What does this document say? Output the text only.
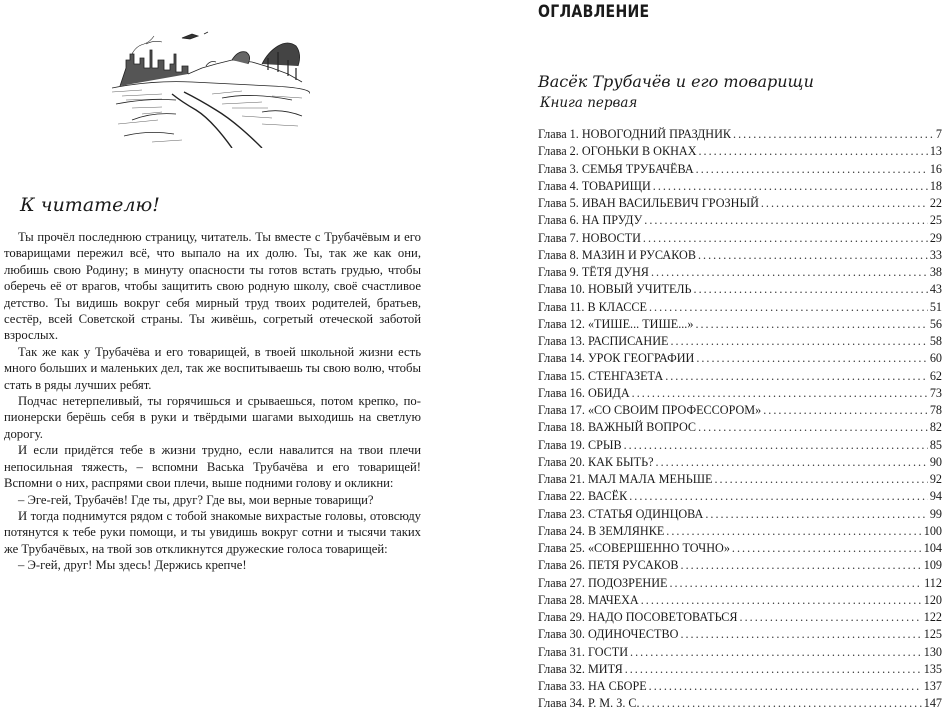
К читателю!

Ты прочёл последнюю страницу, читатель. Ты вместе с Трубачёвым и его товарищами пережил всё, что выпало на их долю. Ты, так же как они, любишь свою Родину; в минуту опасности ты готов встать грудью, чтобы оберечь её от врагов, чтобы защитить свою родную школу, своё счастливое детство. Ты видишь вокруг себя мирный труд твоих родителей, братьев, сестёр, всей Советской страны. Ты живёшь, согретый отеческой заботой взрослых.

Так же как у Трубачёва и его товарищей, в твоей школьной жизни есть много больших и маленьких дел, так же воспитываешь ты свою волю, чтобы стать в ряды лучших ребят.

Подчас нетерпеливый, ты горячишься и срываешься, потом крепко, по-пионерски берёшь себя в руки и твёрдыми шагами выходишь на светлую дорогу.

И если придётся тебе в жизни трудно, если навалится на твои плечи непосильная тяжесть, – вспомни Васька Трубачёва и его товарищей! Вспомни о них, распрями свои плечи, выше подними голову и окликни:

– Эге-гей, Трубачёв! Где ты, друг? Где вы, мои верные товарищи?

И тогда поднимутся рядом с тобой знакомые вихрастые головы, отовсюду потянутся к тебе руки помощи, и ты увидишь вокруг сотни и тысячи таких же Трубачёвых, на твой зов откликнутся дружеские голоса товарищей:

– Э-гей, друг! Мы здесь! Держись крепче!

ОГЛАВЛЕНИЕ
Васёк Трубачёв и его товарищи
Книга первая
Глава 1. НОВОГОДНИЙ ПРАЗДНИК .....	7
Глава 2. ОГОНЬКИ В ОКНАХ .....	13
Глава 3. СЕМЬЯ ТРУБАЧЁВА .....	16
Глава 4. ТОВАРИЩИ .....	18
Глава 5. ИВАН ВАСИЛЬЕВИЧ ГРОЗНЫЙ .....	22
Глава 6. НА ПРУДУ .....	25
Глава 7. НОВОСТИ .....	29
Глава 8. МАЗИН И РУСАКОВ .....	33
Глава 9. ТЁТЯ ДУНЯ .....	38
Глава 10. НОВЫЙ УЧИТЕЛЬ .....	43
Глава 11. В КЛАССЕ .....	51
Глава 12. «ТИШЕ... ТИШЕ...» .....	56
Глава 13. РАСПИСАНИЕ .....	58
Глава 14. УРОК ГЕОГРАФИИ .....	60
Глава 15. СТЕНГАЗЕТА .....	62
Глава 16. ОБИДА .....	73
Глава 17. «СО СВОИМ ПРОФЕССОРОМ» .....	78
Глава 18. ВАЖНЫЙ ВОПРОС .....	82
Глава 19. СРЫВ .....	85
Глава 20. КАК БЫТЬ? .....	90
Глава 21. МАЛ МАЛА МЕНЬШЕ .....	92
Глава 22. ВАСЁК .....	94
Глава 23. СТАТЬЯ ОДИНЦОВА .....	99
Глава 24. В ЗЕМЛЯНКЕ .....	100
Глава 25. «СОВЕРШЕННО ТОЧНО» .....	104
Глава 26. ПЕТЯ РУСАКОВ .....	109
Глава 27. ПОДОЗРЕНИЕ .....	112
Глава 28. МАЧЕХА .....	120
Глава 29. НАДО ПОСОВЕТОВАТЬСЯ .....	122
Глава 30. ОДИНОЧЕСТВО .....	125
Глава 31. ГОСТИ .....	130
Глава 32. МИТЯ .....	135
Глава 33. НА СБОРЕ .....	137
Глава 34. Р. М. З. С. .....	147
